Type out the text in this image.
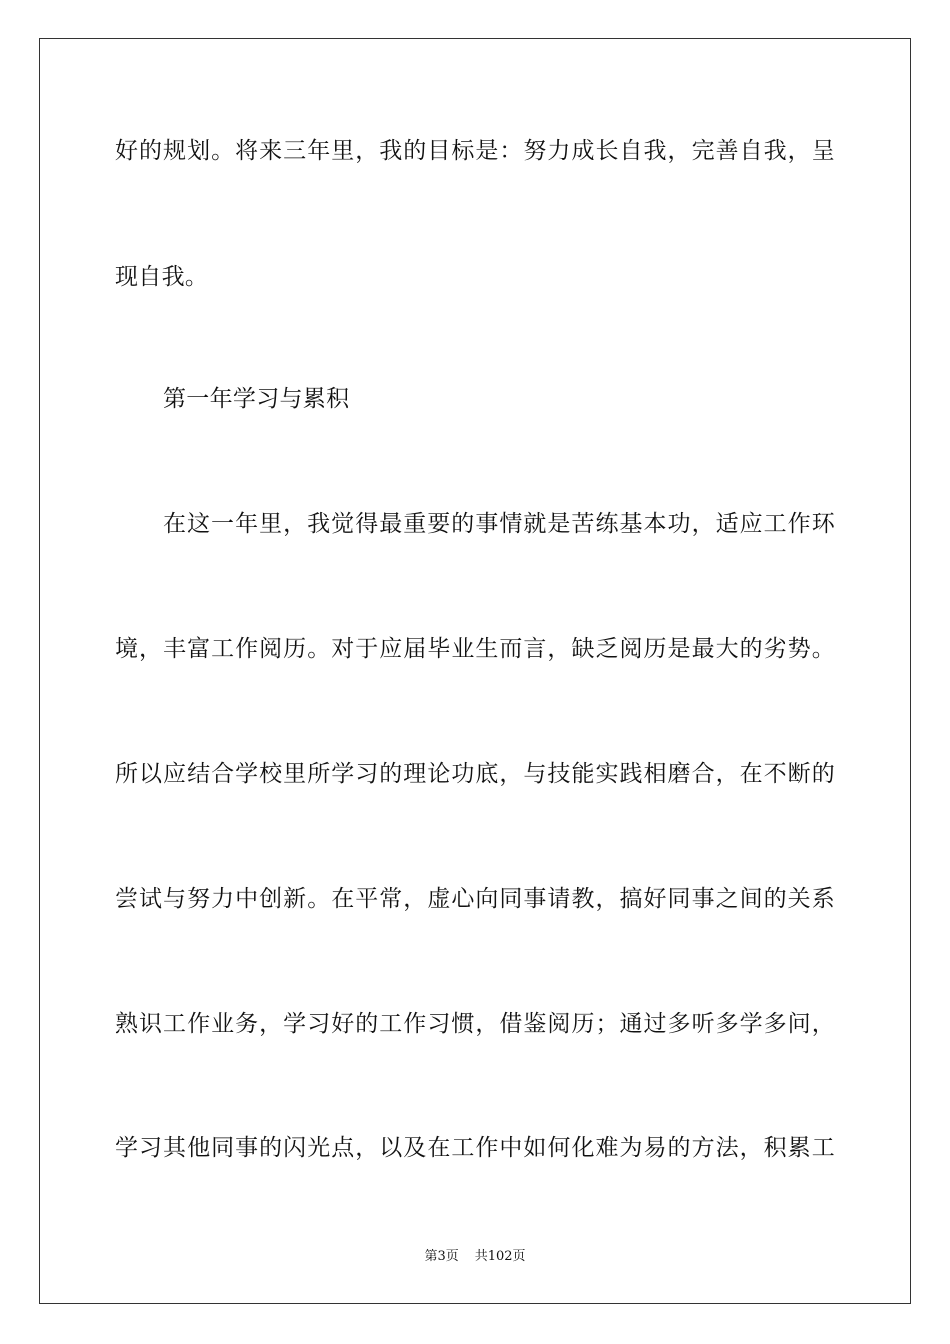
好的规划。将来三年里，我的目标是：努力成长自我，完善自我，呈
现自我。
第一年学习与累积
在这一年里，我觉得最重要的事情就是苦练基本功，适应工作环
境，丰富工作阅历。对于应届毕业生而言，缺乏阅历是最大的劣势。
所以应结合学校里所学习的理论功底，与技能实践相磨合，在不断的
尝试与努力中创新。在平常，虚心向同事请教，搞好同事之间的关系
熟识工作业务，学习好的工作习惯，借鉴阅历；通过多听多学多问，
学习其他同事的闪光点，以及在工作中如何化难为易的方法，积累工
第3页 共102页
